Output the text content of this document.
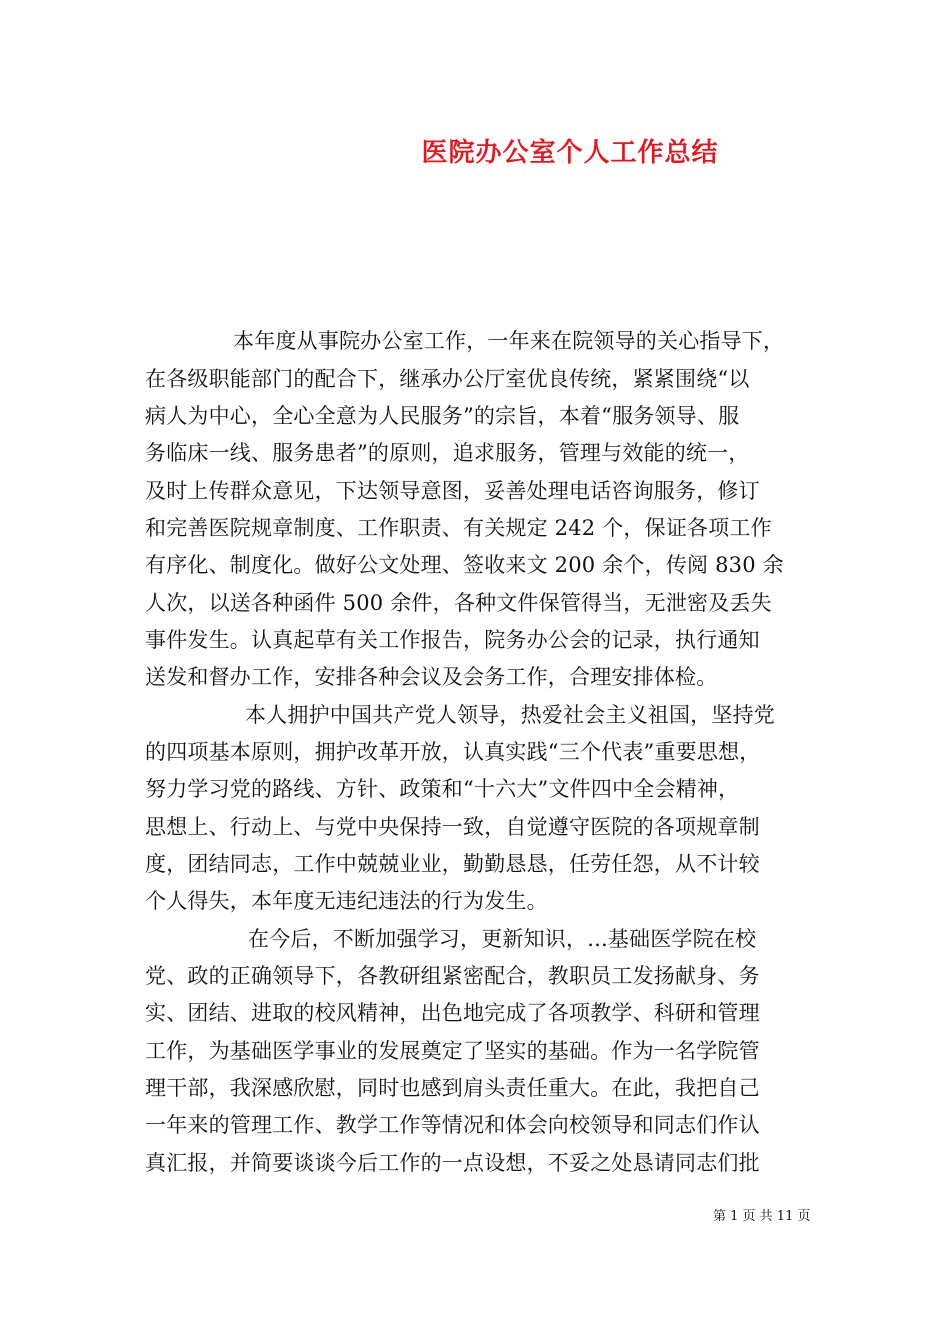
医院办公室个人工作总结
本年度从事院办公室工作，一年来在院领导的关心指导下，
在各级职能部门的配合下，继承办公厅室优良传统，紧紧围绕“以
病人为中心，全心全意为人民服务”的宗旨，本着“服务领导、服
务临床一线、服务患者”的原则，追求服务，管理与效能的统一，
及时上传群众意见，下达领导意图，妥善处理电话咨询服务，修订
和完善医院规章制度、工作职责、有关规定 242 个，保证各项工作
有序化、制度化。做好公文处理、签收来文 200 余个，传阅 830 余
人次，以送各种函件 500 余件，各种文件保管得当，无泄密及丢失
事件发生。认真起草有关工作报告，院务办公会的记录，执行通知
送发和督办工作，安排各种会议及会务工作，合理安排体检。
本人拥护中国共产党人领导，热爱社会主义祖国，坚持党
的四项基本原则，拥护改革开放，认真实践“三个代表”重要思想，
努力学习党的路线、方针、政策和“十六大”文件四中全会精神，
思想上、行动上、与党中央保持一致，自觉遵守医院的各项规章制
度，团结同志，工作中兢兢业业，勤勤恳恳，任劳任怨，从不计较
个人得失，本年度无违纪违法的行为发生。
在今后，不断加强学习，更新知识，...基础医学院在校
党、政的正确领导下，各教研组紧密配合，教职员工发扬献身、务
实、团结、进取的校风精神，出色地完成了各项教学、科研和管理
工作，为基础医学事业的发展奠定了坚实的基础。作为一名学院管
理干部，我深感欣慰，同时也感到肩头责任重大。在此，我把自己
一年来的管理工作、教学工作等情况和体会向校领导和同志们作认
真汇报，并简要谈谈今后工作的一点设想，不妥之处恳请同志们批
第 1 页 共 11 页
